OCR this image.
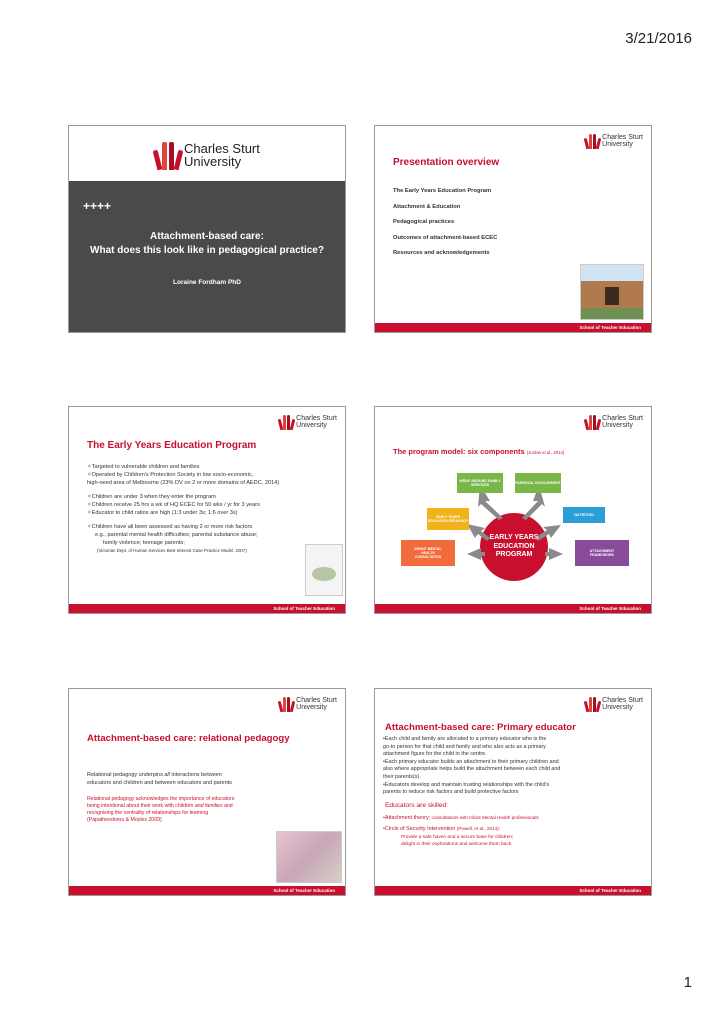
3/21/2016
Charles Sturt
University
++++
Attachment-based care:
What does this look like in pedagogical practice?
Loraine Fordham PhD
Charles Sturt
University
Presentation overview
The Early Years Education Program
Attachment & Education
Pedagogical practices
Outcomes of attachment-based ECEC
Resources and acknowledgements
School of Teacher Education
Charles Sturt
University
The Early Years Education Program
✧Targeted to vulnerable children and families
✧Operated by Children's Protection Society in low socio-economic,
high-need area of Melbourne (23% DV on 2 or more domains of AEDC, 2014)
✧Children are under 3 when they enter the program
✧Children receive 25 hrs a wk of HQ ECEC for 50 wks / yr for 3 years
✧Educator to child ratios are high (1:3 under 3s; 1:6 over 3s)
✧Children have all been assessed as having 2 or more risk factors
e.g., parental mental health difficulties; parental substance abuse;
family violence; teenage parents;
(Victorian Dept. of Human Services Best Interest Case Practice Model, 2007)
School of Teacher Education
Charles Sturt
University
The program model: six components (Jordan et al., 2014)
WRAP AROUND FAMILY SERVICES
PARENTAL INVOLVEMENT
EARLY YEARS EDUCATION PEDAGOGY
NUTRITION
INFANT MENTAL HEALTH CONSULTATION
ATTACHMENT FRAMEWORK
EARLY YEARS EDUCATION PROGRAM
School of Teacher Education
Charles Sturt
University
Attachment-based care: relational pedagogy
Relational pedagogy underpins all interactions between
educators and children and between educators and parents
Relational pedagogy acknowledges the importance of educators
being intentional about their work with children and families and
recognising the centrality of relationships for learning
(Papatheodorou & Moyles 2009)
School of Teacher Education
Charles Sturt
University
Attachment-based care: Primary educator
•Each child and family are allocated to a primary educator who is the
go-to person for that child and family and who also acts as a primary
attachment figure for the child in the centre.
•Each primary educator builds an attachment to their primary children and
also where appropriate helps build the attachment between each child and
their parents(s).
•Educators develop and maintain trusting relationships with the child's
parents to reduce risk factors and build protective factors
Educators are skilled:
•Attachment theory: consultations with Infant Mental Health professionals
•Circle of Security Intervention (Powell, et al., 2014):
Provide a safe haven and a secure base for children;
delight in their explorations and welcome them back.
School of Teacher Education
1
